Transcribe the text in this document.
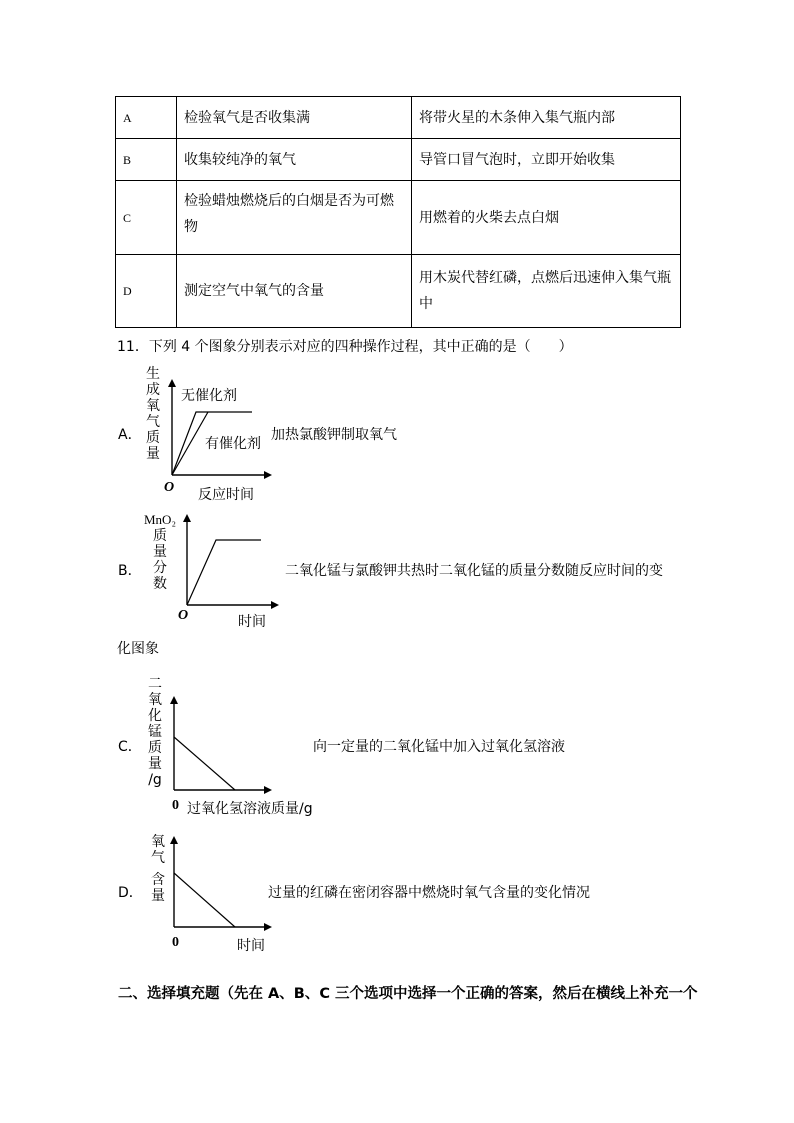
A	检验氧气是否收集满	将带火星的木条伸入集气瓶内部
B	收集较纯净的氧气	导管口冒气泡时，立即开始收集
C	检验蜡烛燃烧后的白烟是否为可燃物	用燃着的火柴去点白烟
D	测定空气中氧气的含量	用木炭代替红磷，点燃后迅速伸入集气瓶中
11．下列 4 个图象分别表示对应的四种操作过程，其中正确的是（　　）
A．
生
成
氧
气
质
量
O 反应时间
无催化剂
有催化剂
加热氯酸钾制取氧气
B．
MnO₂
质
量
分
数
O	时间
二氧化锰与氯酸钾共热时二氧化锰的质量分数随反应时间的变
化图象
C．
二
氧
化
锰
质
量
/g
0 过氧化氢溶液质量/g
向一定量的二氧化锰中加入过氧化氢溶液
D．
氧
气
含
量
0	时间
过量的红磷在密闭容器中燃烧时氧气含量的变化情况
二、选择填充题（先在 A、B、C 三个选项中选择一个正确的答案，然后在横线上补充一个
